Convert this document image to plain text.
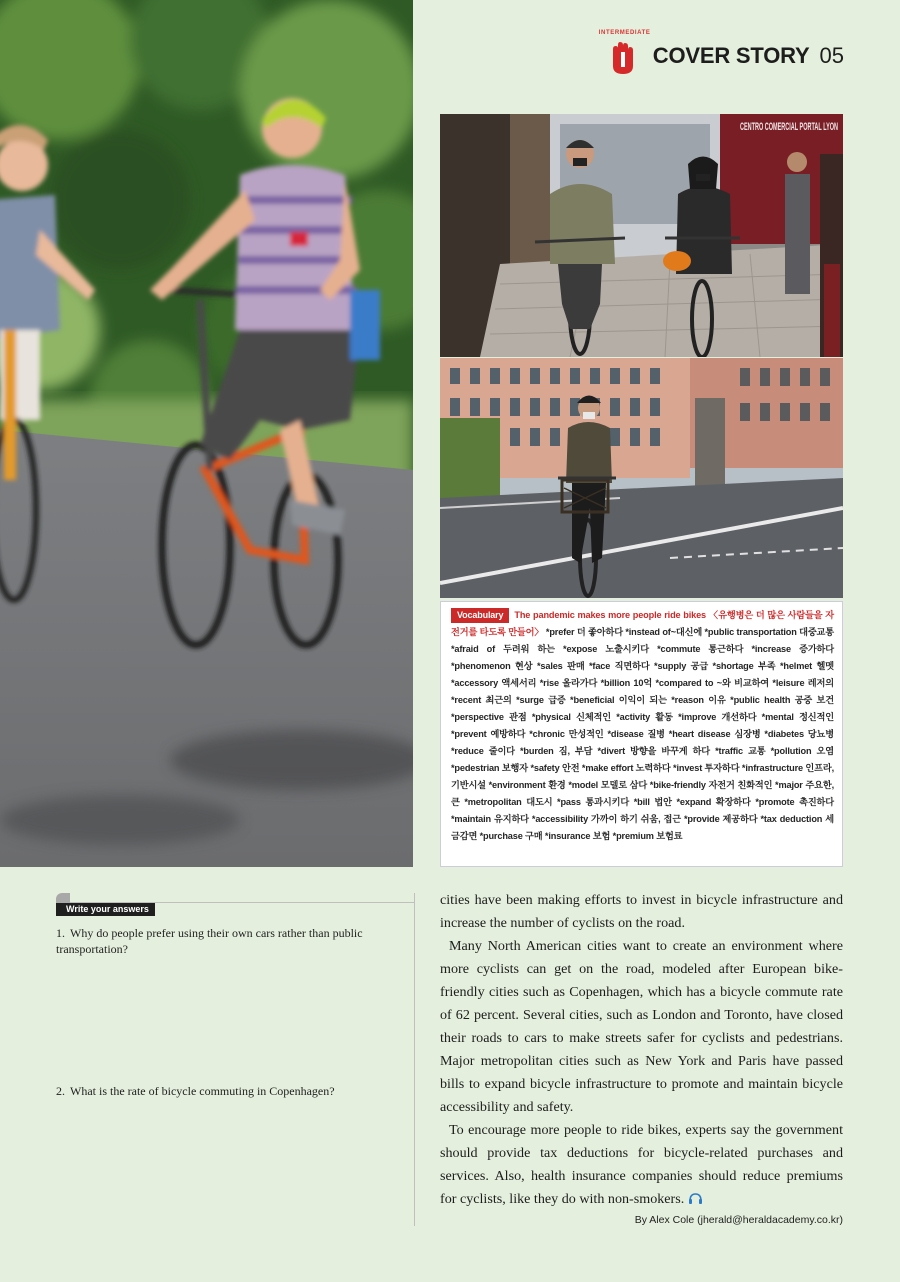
INTERMEDIATE
COVER STORY 05
CENTRO COMERCIAL PORTAL LYON

Vocabulary The pandemic makes more people ride bikes 〈유행병은 더 많은 사람들을 자전거를 타도록 만들어〉 *prefer 더 좋아하다 *instead of~대신에 *public transportation 대중교통 *afraid of 두려워 하는 *expose 노출시키다 *commute 통근하다 *increase 증가하다 *phenomenon 현상 *sales 판매 *face 직면하다 *supply 공급 *shortage 부족 *helmet 헬멧 *accessory 액세서리 *rise 올라가다 *billion 10억 *compared to ~와 비교하여 *leisure 레저의 *recent 최근의 *surge 급증 *beneficial 이익이 되는 *reason 이유 *public health 공중 보건 *perspective 관점 *physical 신체적인 *activity 활동 *improve 개선하다 *mental 정신적인 *prevent 예방하다 *chronic 만성적인 *disease 질병 *heart disease 심장병 *diabetes 당뇨병 *reduce 줄이다 *burden 짐, 부담 *divert 방향을 바꾸게 하다 *traffic 교통 *pollution 오염 *pedestrian 보행자 *safety 안전 *make effort 노력하다 *invest 투자하다 *infrastructure 인프라, 기반시설 *environment 환경 *model 모델로 삼다 *bike-friendly 자전거 친화적인 *major 주요한, 큰 *metropolitan 대도시 *pass 통과시키다 *bill 법안 *expand 확장하다 *promote 촉진하다 *maintain 유지하다 *accessibility 가까이 하기 쉬움, 접근 *provide 제공하다 *tax deduction 세금감면 *purchase 구매 *insurance 보험 *premium 보험료

Write your answers
1. Why do people prefer using their own cars rather than public transportation?
2. What is the rate of bicycle commuting in Copenhagen?

cities have been making efforts to invest in bicycle infrastructure and increase the number of cyclists on the road.

Many North American cities want to create an environment where more cyclists can get on the road, modeled after European bike-friendly cities such as Copenhagen, which has a bicycle commute rate of 62 percent. Several cities, such as London and Toronto, have closed their roads to cars to make streets safer for cyclists and pedestrians. Major metropolitan cities such as New York and Paris have passed bills to expand bicycle infrastructure to promote and maintain bicycle accessibility and safety.

To encourage more people to ride bikes, experts say the government should provide tax deductions for bicycle-related purchases and services. Also, health insurance companies should reduce premiums for cyclists, like they do with non-smokers.

By Alex Cole (jherald@heraldacademy.co.kr)
